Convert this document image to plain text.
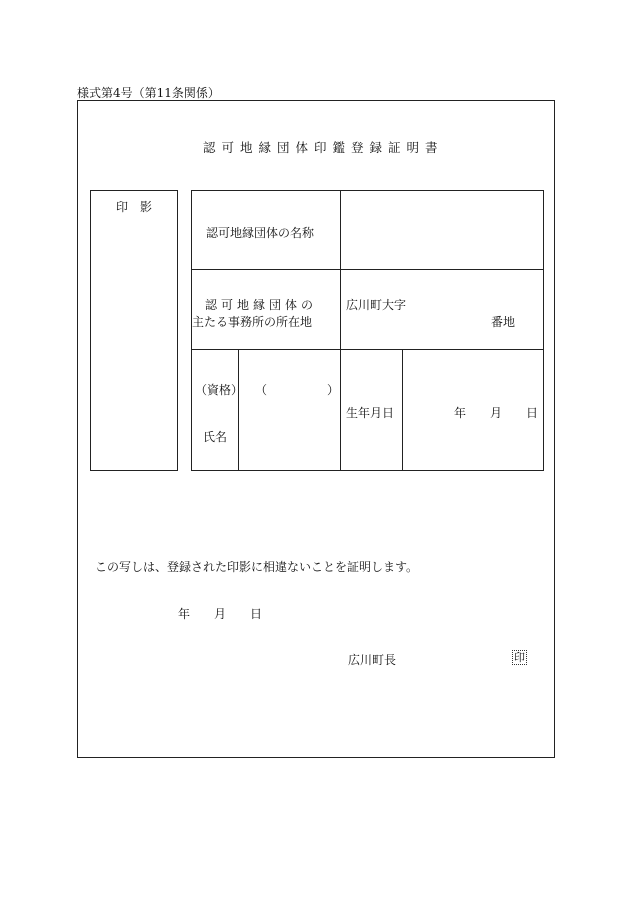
様式第4号（第11条関係）
認可地縁団体印鑑登録証明書
印　影
認可地縁団体の名称
認可地縁団体の
主たる事務所の所在地
広川町大字
番地
（資格）
氏名
（　　　　　）
生年月日	年 月 日
この写しは、登録された印影に相違ないことを証明します。
年 月 日
広川町長	印
